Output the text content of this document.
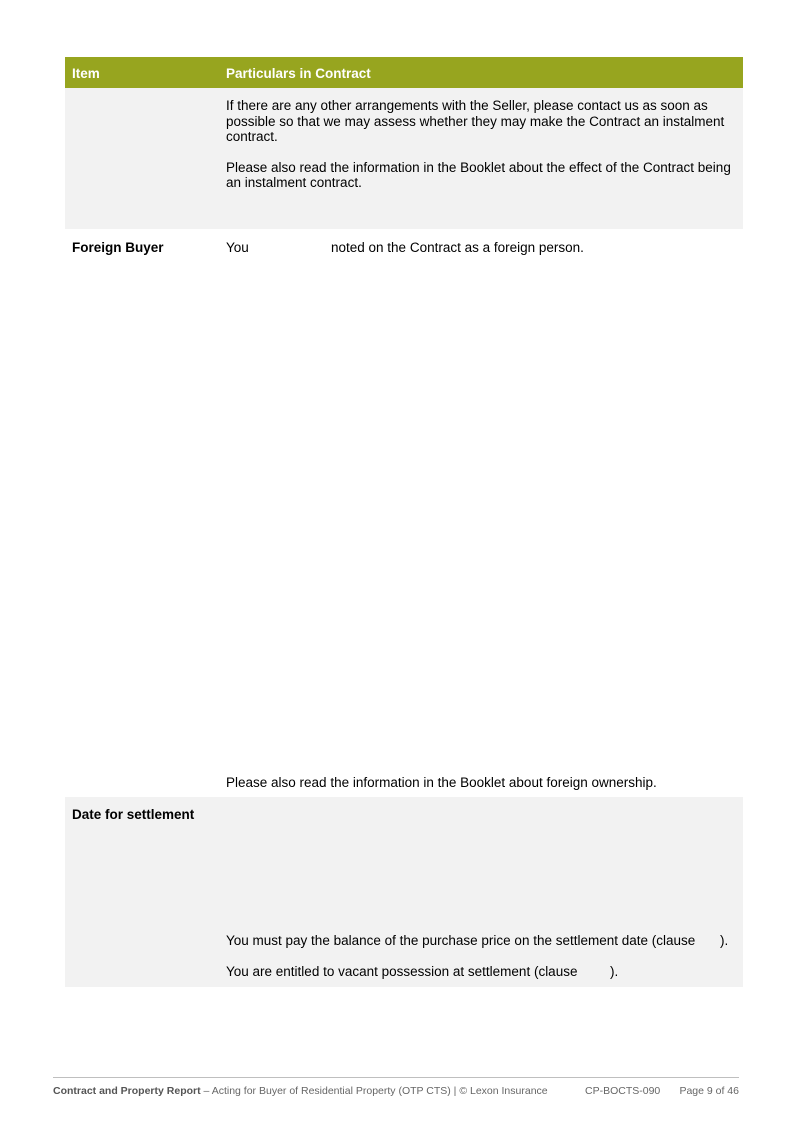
Item	Particulars in Contract

If there are any other arrangements with the Seller, please contact us as soon as possible so that we may assess whether they may make the Contract an instalment contract.

Please also read the information in the Booklet about the effect of the Contract being an instalment contract.

Foreign Buyer	You	noted on the Contract as a foreign person.
Please also read the information in the Booklet about foreign ownership.
Date for settlement
You must pay the balance of the purchase price on the settlement date (clause	).
You are entitled to vacant possession at settlement (clause	).
Contract and Property Report – Acting for Buyer of Residential Property (OTP CTS) | © Lexon Insurance	CP-BOCTS-090 Page 9 of 46
